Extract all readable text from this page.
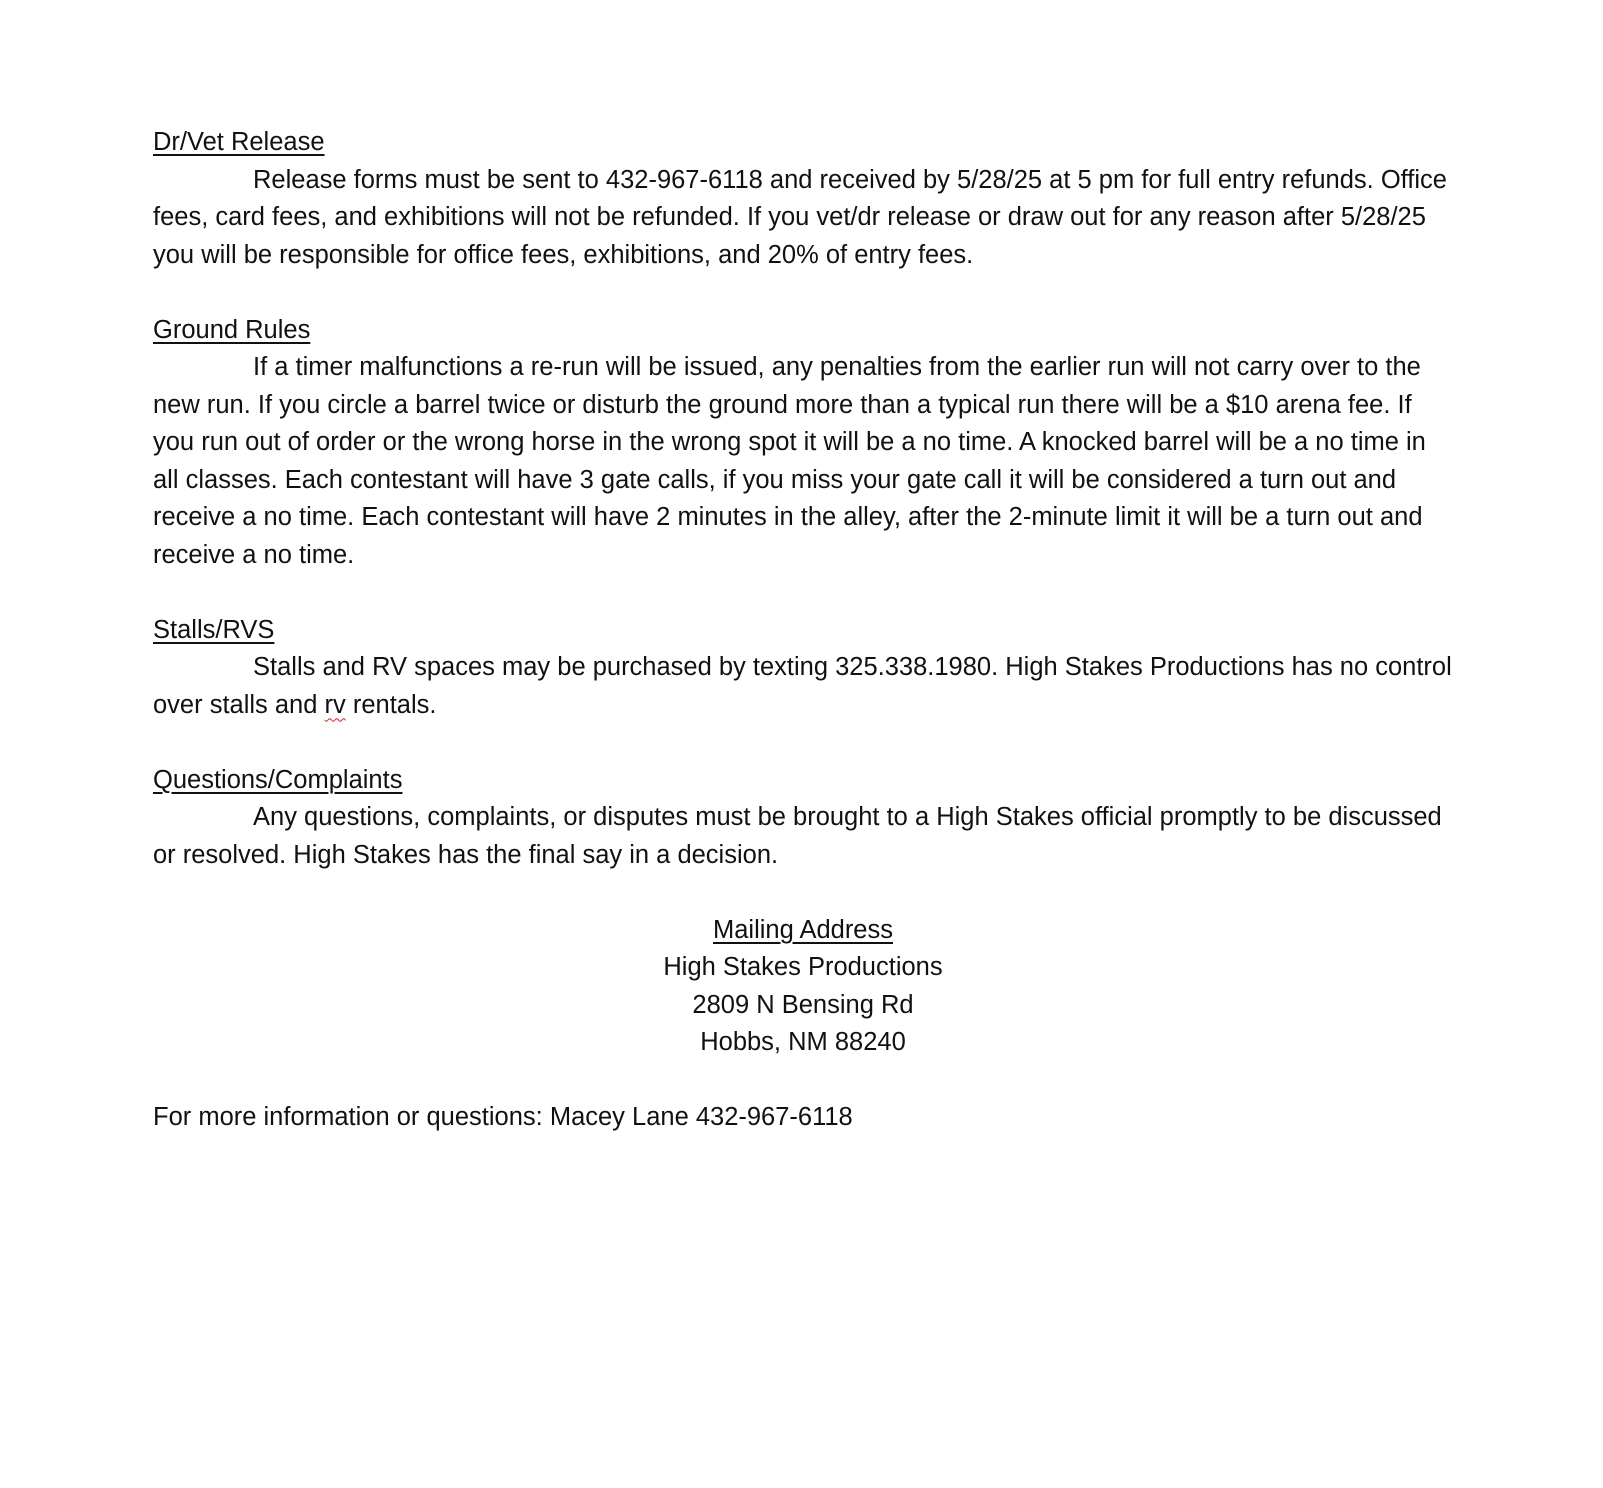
Dr/Vet Release

Release forms must be sent to 432-967-6118 and received by 5/28/25 at 5 pm for full entry refunds. Office fees, card fees, and exhibitions will not be refunded. If you vet/dr release or draw out for any reason after 5/28/25 you will be responsible for office fees, exhibitions, and 20% of entry fees.

Ground Rules

If a timer malfunctions a re-run will be issued, any penalties from the earlier run will not carry over to the new run. If you circle a barrel twice or disturb the ground more than a typical run there will be a $10 arena fee. If you run out of order or the wrong horse in the wrong spot it will be a no time. A knocked barrel will be a no time in all classes. Each contestant will have 3 gate calls, if you miss your gate call it will be considered a turn out and receive a no time. Each contestant will have 2 minutes in the alley, after the 2-minute limit it will be a turn out and receive a no time.

Stalls/RVS

Stalls and RV spaces may be purchased by texting 325.338.1980. High Stakes Productions has no control over stalls and rv rentals.

Questions/Complaints

Any questions, complaints, or disputes must be brought to a High Stakes official promptly to be discussed or resolved. High Stakes has the final say in a decision.

Mailing Address
High Stakes Productions
2809 N Bensing Rd
Hobbs, NM 88240

For more information or questions: Macey Lane 432-967-6118
